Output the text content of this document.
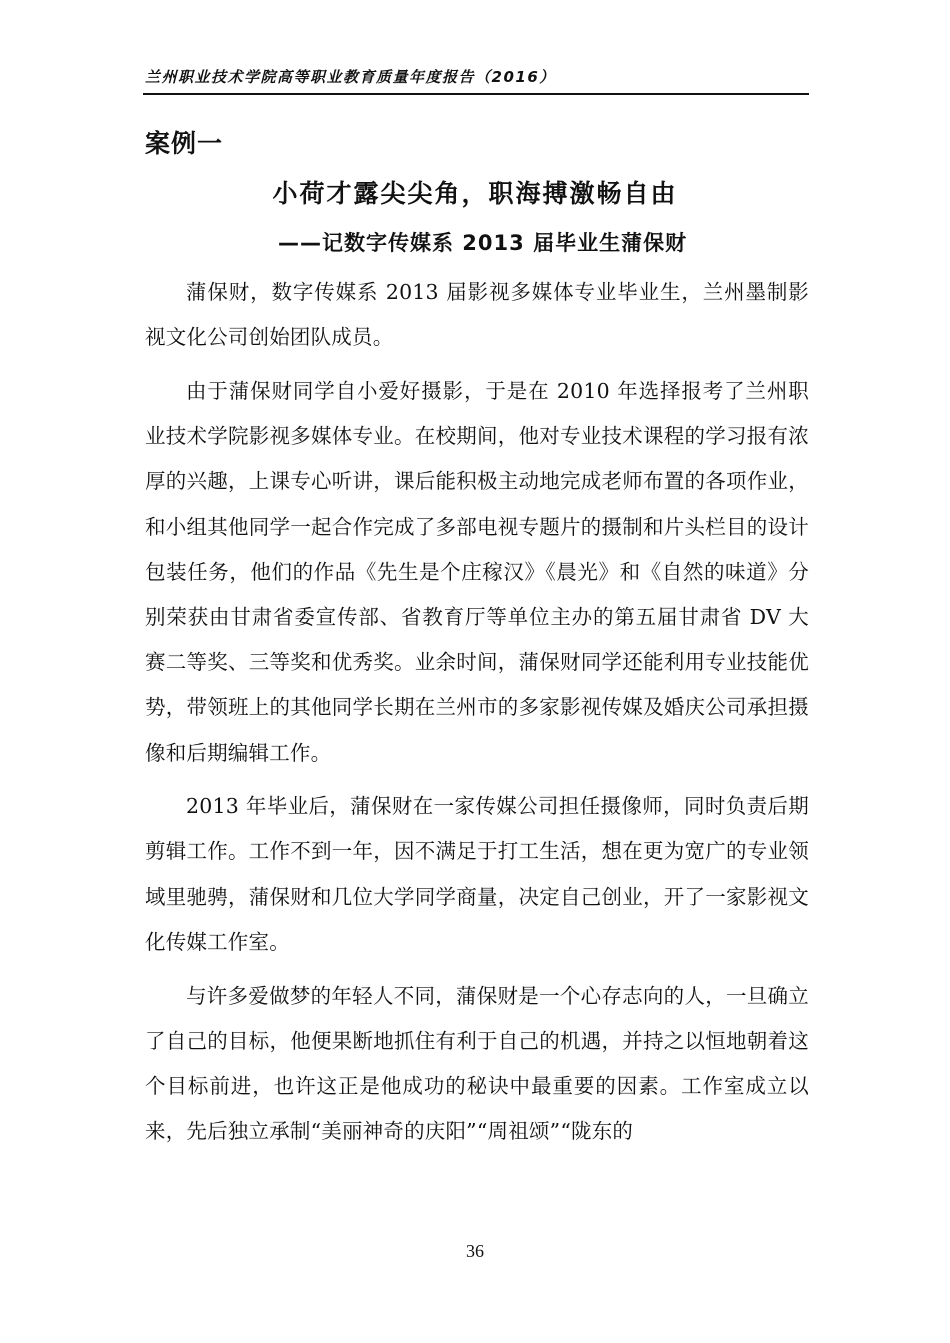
兰州职业技术学院高等职业教育质量年度报告（2016）
案例一
小荷才露尖尖角，职海搏激畅自由
——记数字传媒系 2013 届毕业生蒲保财

蒲保财，数字传媒系 2013 届影视多媒体专业毕业生，兰州墨制影视文化公司创始团队成员。

由于蒲保财同学自小爱好摄影，于是在 2010 年选择报考了兰州职业技术学院影视多媒体专业。在校期间，他对专业技术课程的学习报有浓厚的兴趣，上课专心听讲，课后能积极主动地完成老师布置的各项作业，和小组其他同学一起合作完成了多部电视专题片的摄制和片头栏目的设计包装任务，他们的作品《先生是个庄稼汉》《晨光》和《自然的味道》分别荣获由甘肃省委宣传部、省教育厅等单位主办的第五届甘肃省 DV 大赛二等奖、三等奖和优秀奖。业余时间，蒲保财同学还能利用专业技能优势，带领班上的其他同学长期在兰州市的多家影视传媒及婚庆公司承担摄像和后期编辑工作。

2013 年毕业后，蒲保财在一家传媒公司担任摄像师，同时负责后期剪辑工作。工作不到一年，因不满足于打工生活，想在更为宽广的专业领域里驰骋，蒲保财和几位大学同学商量，决定自己创业，开了一家影视文化传媒工作室。

与许多爱做梦的年轻人不同，蒲保财是一个心存志向的人，一旦确立了自己的目标，他便果断地抓住有利于自己的机遇，并持之以恒地朝着这个目标前进，也许这正是他成功的秘诀中最重要的因素。工作室成立以来，先后独立承制“美丽神奇的庆阳”“周祖颂”“陇东的

36
